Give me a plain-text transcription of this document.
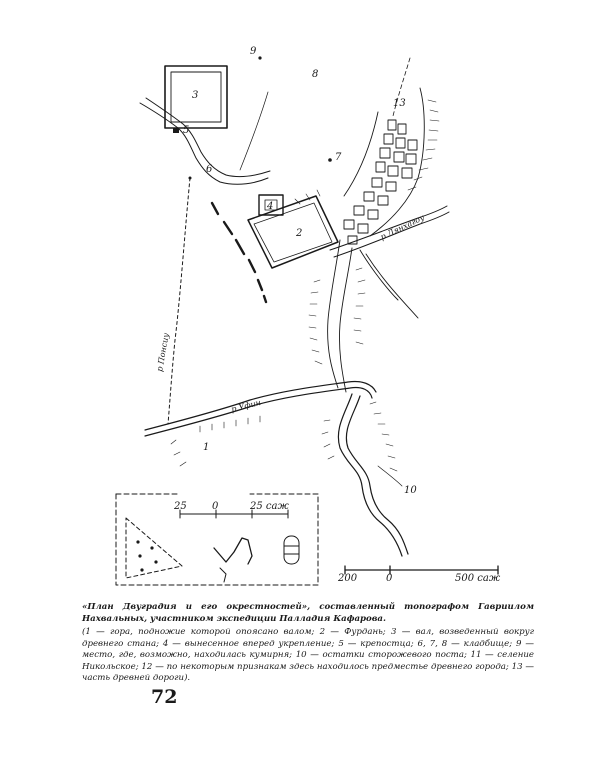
9
8
3
5
6
7
13
4
2
1
10
р Лянхагоу
р Понсиу
р Уфин
25	0	25 саж
200	0	500 саж
«План Двуградия и его окрестностей», составленный топографом Гавриилом Нахвальных, участником экспедиции Палладия Кафарова.
(1 — гора, подножие которой опоясано валом; 2 — Фурдань; 3 — вал, возведенный вокруг древнего стана; 4 — вынесенное вперед укрепление; 5 — крепостца; 6, 7, 8 — кладбище; 9 — место, где, возможно, находилась кумирня; 10 — остатки сторожевого поста; 11 — селение Никольское; 12 — по некоторым признакам здесь находилось предместье древнего города; 13 — часть древней дороги).
72
